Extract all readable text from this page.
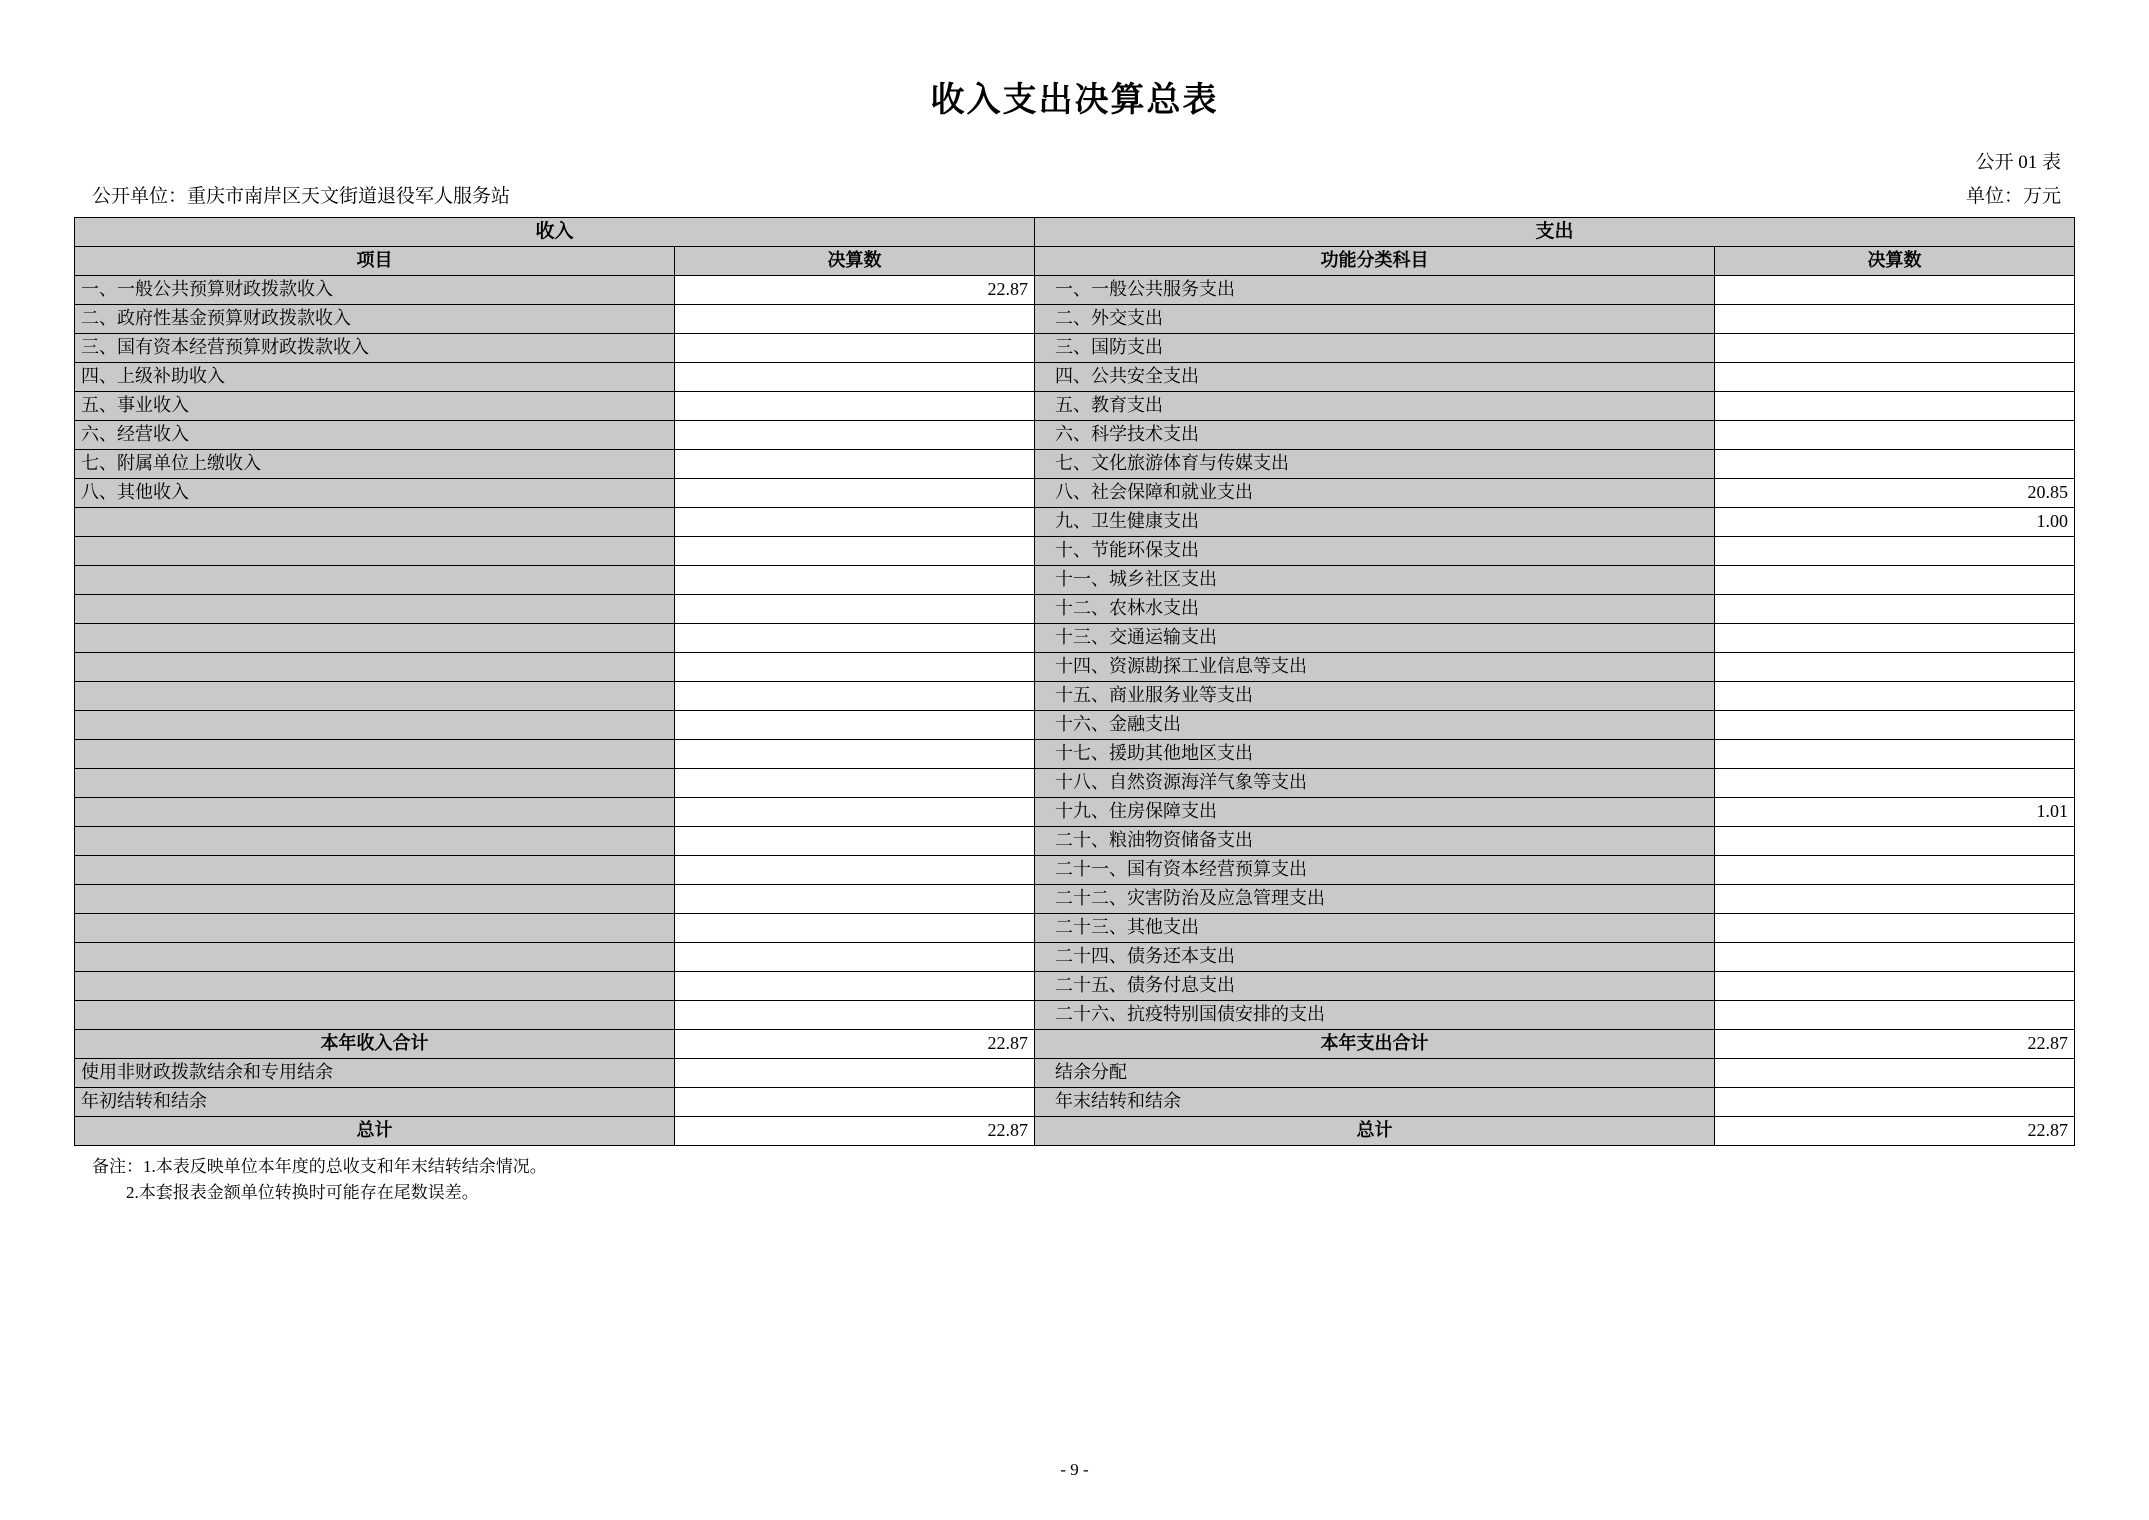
收入支出决算总表
公开 01 表
公开单位：重庆市南岸区天文街道退役军人服务站	单位：万元
收入		支出	
项目	决算数	功能分类科目	决算数
一、一般公共预算财政拨款收入	22.87	一、一般公共服务支出	
二、政府性基金预算财政拨款收入		二、外交支出	
三、国有资本经营预算财政拨款收入		三、国防支出	
四、上级补助收入		四、公共安全支出	
五、事业收入		五、教育支出	
六、经营收入		六、科学技术支出	
七、附属单位上缴收入		七、文化旅游体育与传媒支出	
八、其他收入		八、社会保障和就业支出	20.85
		九、卫生健康支出	1.00
		十、节能环保支出	
		十一、城乡社区支出	
		十二、农林水支出	
		十三、交通运输支出	
		十四、资源勘探工业信息等支出	
		十五、商业服务业等支出	
		十六、金融支出	
		十七、援助其他地区支出	
		十八、自然资源海洋气象等支出	
		十九、住房保障支出	1.01
		二十、粮油物资储备支出	
		二十一、国有资本经营预算支出	
		二十二、灾害防治及应急管理支出	
		二十三、其他支出	
		二十四、债务还本支出	
		二十五、债务付息支出	
		二十六、抗疫特别国债安排的支出	
本年收入合计	22.87	本年支出合计	22.87
使用非财政拨款结余和专用结余		结余分配	
年初结转和结余		年末结转和结余	
总计	22.87	总计	22.87
备注：1.本表反映单位本年度的总收支和年末结转结余情况。
2.本套报表金额单位转换时可能存在尾数误差。
- 9 -
